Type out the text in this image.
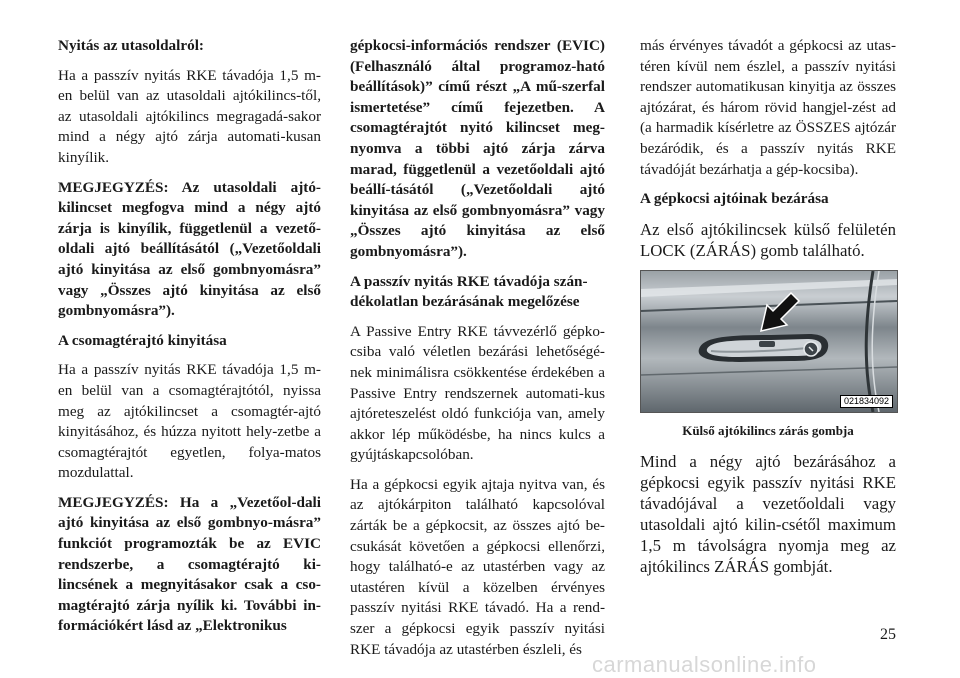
Nyitás az utasoldalról:
Ha a passzív nyitás RKE távadója 1,5 m-en belül van az utasoldali ajtókilincs-től, az utasoldali ajtókilincs megragadá-sakor mind a négy ajtó zárja automati-kusan kinyílik.
MEGJEGYZÉS: Az utasoldali ajtó-kilincset megfogva mind a négy ajtó zárja is kinyílik, függetlenül a vezető-oldali ajtó beállításától („Vezetőoldali ajtó kinyitása az első gombnyomásra” vagy „Összes ajtó kinyitása az első gombnyomásra”).
A csomagtérajtó kinyitása
Ha a passzív nyitás RKE távadója 1,5 m-en belül van a csomagtérajtótól, nyissa meg az ajtókilincset a csomagtér-ajtó kinyitásához, és húzza nyitott hely-zetbe a csomagtérajtót egyetlen, folya-matos mozdulattal.
MEGJEGYZÉS: Ha a „Vezetőol-dali ajtó kinyitása az első gombnyo-másra” funkciót programozták be az EVIC rendszerbe, a csomagtérajtó ki-lincsének a megnyitásakor csak a cso-magtérajtó zárja nyílik ki. További in-formációkért lásd az „Elektronikus
gépkocsi-információs rendszer (EVIC) (Felhasználó által programoz-ható beállítások)” című részt „A mű-szerfal ismertetése” című fejezetben. A csomagtérajtót nyitó kilincset meg-nyomva a többi ajtó zárja zárva marad, függetlenül a vezetőoldali ajtó beállí-tásától („Vezetőoldali ajtó kinyitása az első gombnyomásra” vagy „Összes ajtó kinyitása az első gombnyomásra”).
A passzív nyitás RKE távadója szán-dékolatlan bezárásának megelőzése
A Passive Entry RKE távvezérlő gépko-csiba való véletlen bezárási lehetőségé-nek minimálisra csökkentése érdekében a Passive Entry rendszernek automati-kus ajtóreteszelést oldó funkciója van, amely akkor lép működésbe, ha nincs kulcs a gyújtáskapcsolóban.
Ha a gépkocsi egyik ajtaja nyitva van, és az ajtókárpiton található kapcsolóval zárták be a gépkocsit, az összes ajtó be-csukását követően a gépkocsi ellenőrzi, hogy található-e az utastérben vagy az utastéren kívül a közelben érvényes passzív nyitási RKE távadó. Ha a rend-szer a gépkocsi egyik passzív nyitási RKE távadója az utastérben észleli, és
más érvényes távadót a gépkocsi az utas-téren kívül nem észlel, a passzív nyitási rendszer automatikusan kinyitja az összes ajtózárat, és három rövid hangjel-zést ad (a harmadik kísérletre az ÖSSZES ajtózár bezáródik, és a passzív nyitás RKE távadóját bezárhatja a gép-kocsiba).
A gépkocsi ajtóinak bezárása
Az első ajtókilincsek külső felületén LOCK (ZÁRÁS) gomb található.
021834092
Külső ajtókilincs zárás gombja
Mind a négy ajtó bezárásához a gépkocsi egyik passzív nyitási RKE távadójával a vezetőoldali vagy utasoldali ajtó kilin-csétől maximum 1,5 m távolságra nyomja meg az ajtókilincs ZÁRÁS gombját.
25
carmanualsonline.info
